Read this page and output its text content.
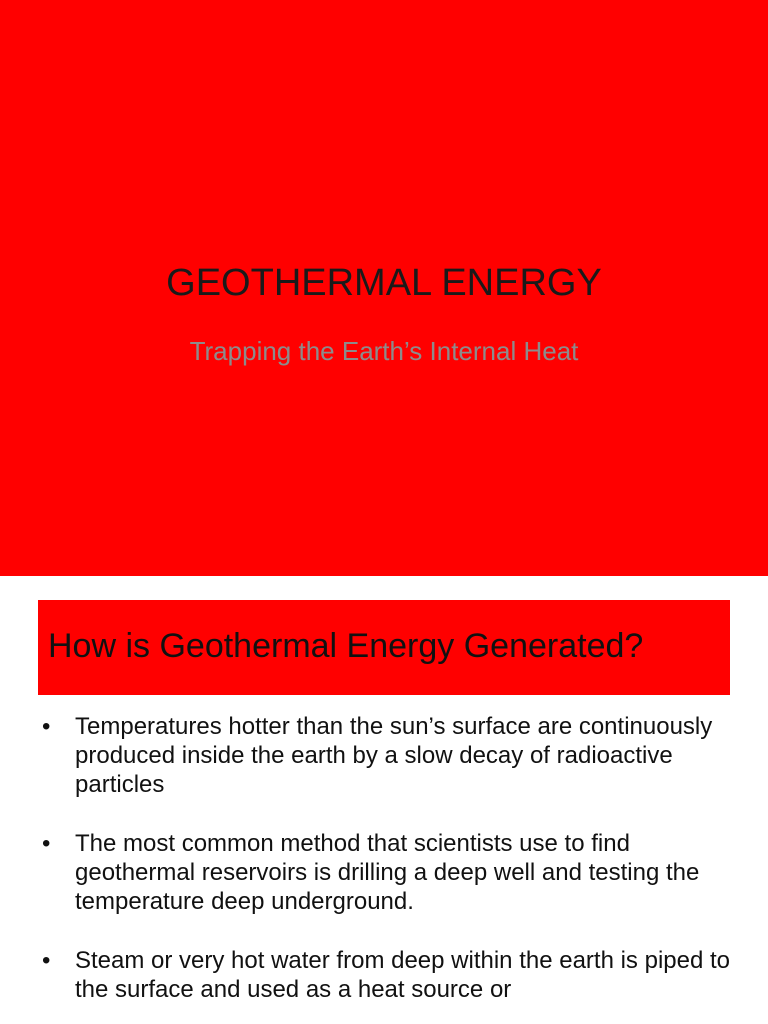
GEOTHERMAL ENERGY
Trapping the Earth’s Internal Heat
How is Geothermal Energy Generated?
• Temperatures hotter than the sun’s surface are continuously produced inside the earth by a slow decay of radioactive particles
• The most common method that scientists use to find geothermal reservoirs is drilling a deep well and testing the temperature deep underground.
• Steam or very hot water from deep within the earth is piped to the surface and used as a heat source or
